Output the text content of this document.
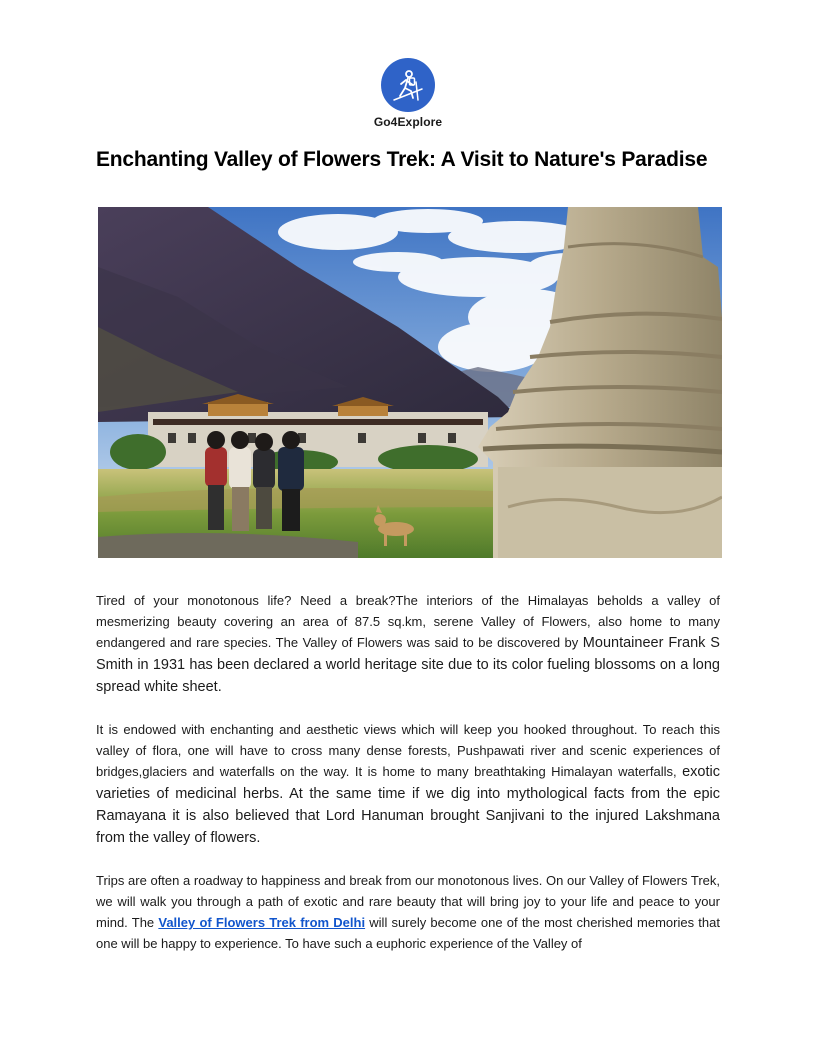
Go4Explore
Enchanting Valley of Flowers Trek: A Visit to Nature's Paradise

Tired of your monotonous life? Need a break?The interiors of the Himalayas beholds a valley of mesmerizing beauty covering an area of 87.5 sq.km, serene Valley of Flowers, also home to many endangered and rare species. The Valley of Flowers was said to be discovered by Mountaineer Frank S Smith in 1931 has been declared a world heritage site due to its color fueling blossoms on a long spread white sheet.

It is endowed with enchanting and aesthetic views which will keep you hooked throughout. To reach this valley of flora, one will have to cross many dense forests, Pushpawati river and scenic experiences of bridges,glaciers and waterfalls on the way. It is home to many breathtaking Himalayan waterfalls, exotic varieties of medicinal herbs. At the same time if we dig into mythological facts from the epic Ramayana it is also believed that Lord Hanuman brought Sanjivani to the injured Lakshmana from the valley of flowers.

Trips are often a roadway to happiness and break from our monotonous lives. On our Valley of Flowers Trek, we will walk you through a path of exotic and rare beauty that will bring joy to your life and peace to your mind. The Valley of Flowers Trek from Delhi will surely become one of the most cherished memories that one will be happy to experience. To have such a euphoric experience of the Valley of
